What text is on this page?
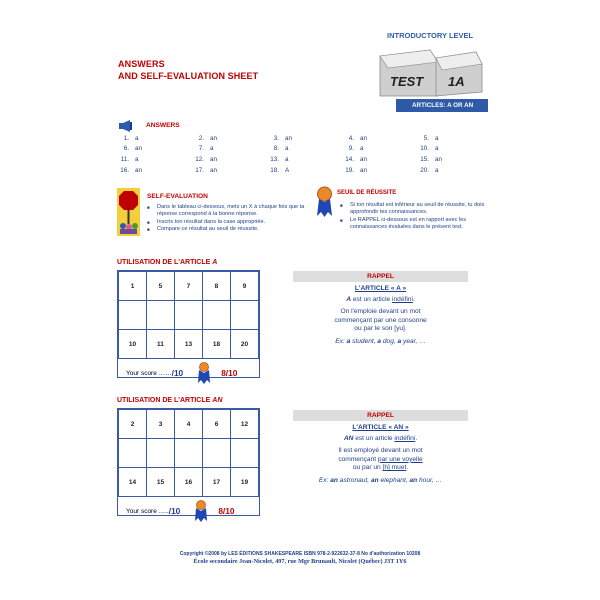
ANSWERS
AND SELF-EVALUATION SHEET
INTRODUCTORY LEVEL
TEST 1A
ARTICLES: A OR AN
ANSWERS
1. a	2. an	3. an	4. an	5. a
6. an	7. a	8. a	9. a	10. a
11. a	12. an	13. a	14. an	15. an
16. an	17. an	18. A	19. an	20. a
SELF-EVALUATION
■ Dans le tableau ci-dessous, mets un X à chaque fois que ta réponse correspond à la bonne réponse.
■ Inscris ton résultat dans la case appropriée.
■ Compare ce résultat au seuil de réussite.
SEUIL DE RÉUSSITE
■ Si ton résultat est inférieur au seuil de réussite, tu dois approfondir tes connaissances.
■ Le RAPPEL ci-dessous est en rapport avec les connaissances évaluées dans le présent test.
UTILISATION DE L'ARTICLE A
1	5	7	8	9

10	11	13	18	20
Your score …… /10	8/10
RAPPEL
L'ARTICLE « A »
A est un article indéfini.
On l'emploie devant un mot
commençant par une consonne
ou par le son [yu].
Ex: a student, a dog, a year, …
UTILISATION DE L'ARTICLE AN
2	3	4	6	12

14	15	16	17	19
Your score ….. /10	8/10
RAPPEL
L'ARTICLE « AN »
AN est un article indéfini.
Il est employé devant un mot
commençant par une voyelle
ou par un [h] muet.
Ex: an astronaut, an elephant, an hour, …
Copyright ©2008 by LES ÉDITIONS SHAKESPEARE ISBN 978-2-922632-37-8 No d'authorization 10208
École secondaire Jean-Nicolet, 497, rue Mgr Brunault, Nicolet (Québec) J3T 1Y6
